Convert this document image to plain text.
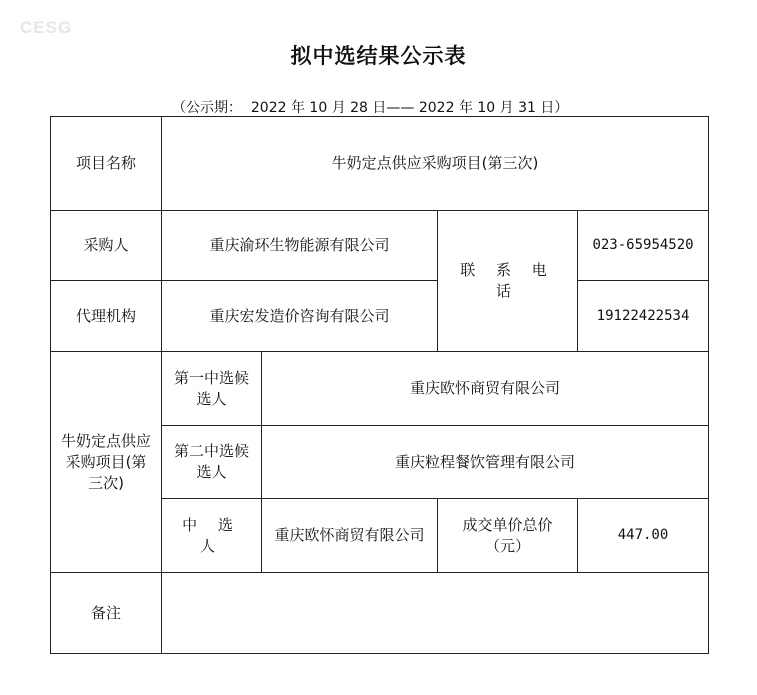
CESG
拟中选结果公示表
（公示期：  2022 年 10 月 28 日—— 2022 年 10 月 31 日）
项目名称	牛奶定点供应采购项目(第三次)			
采购人	重庆渝环生物能源有限公司		联 系 电 话	023-65954520
代理机构	重庆宏发造价咨询有限公司			19122422534
牛奶定点供应采购项目(第三次)	第一中选候选人	重庆欧怀商贸有限公司		
	第二中选候选人	重庆粒程餐饮管理有限公司		
	中 选 人	重庆欧怀商贸有限公司	成交单价总价（元）	447.00
备注				
